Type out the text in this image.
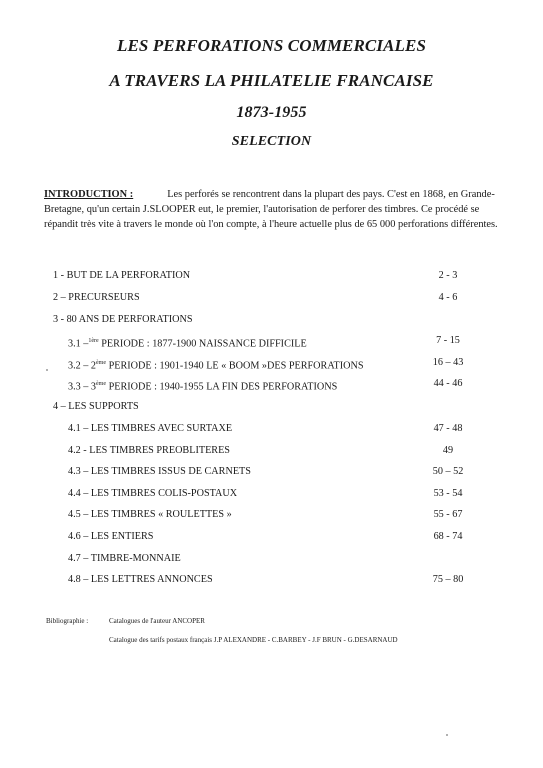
LES PERFORATIONS COMMERCIALES
A TRAVERS LA PHILATELIE FRANCAISE
1873-1955
SELECTION
INTRODUCTION :	Les perforés se rencontrent dans la plupart des pays. C'est en 1868, en Grande-Bretagne, qu'un certain J.SLOOPER eut, le premier, l'autorisation de perforer des timbres. Ce procédé se répandit très vite à travers le monde où l'on compte, à l'heure actuelle plus de 65 000 perforations différentes.
1 - BUT DE LA PERFORATION	2 - 3
2 – PRECURSEURS	4 - 6
3 - 80 ANS DE PERFORATIONS
3.1 –$^{1ère}$ PERIODE : 1877-1900 NAISSANCE DIFFICILE	7 - 15
3.2 – 2ème PERIODE : 1901-1940 LE « BOOM »DES PERFORATIONS	16 – 43
3.3 – 3ème PERIODE : 1940-1955 LA FIN DES PERFORATIONS	44 - 46
4 – LES SUPPORTS
4.1 – LES TIMBRES AVEC SURTAXE	47 - 48
4.2 - LES TIMBRES PREOBLITERES	49
4.3 – LES TIMBRES ISSUS DE CARNETS	50 – 52
4.4 – LES TIMBRES COLIS-POSTAUX	53 - 54
4.5 – LES TIMBRES « ROULETTES »	55 - 67
4.6 – LES ENTIERS	68 - 74
4.7 – TIMBRE-MONNAIE
4.8 – LES LETTRES ANNONCES	75 – 80
Bibliographie :	Catalogues de l'auteur ANCOPER
Catalogue des tarifs postaux français J.P ALEXANDRE - C.BARBEY - J.F BRUN - G.DESARNAUD
